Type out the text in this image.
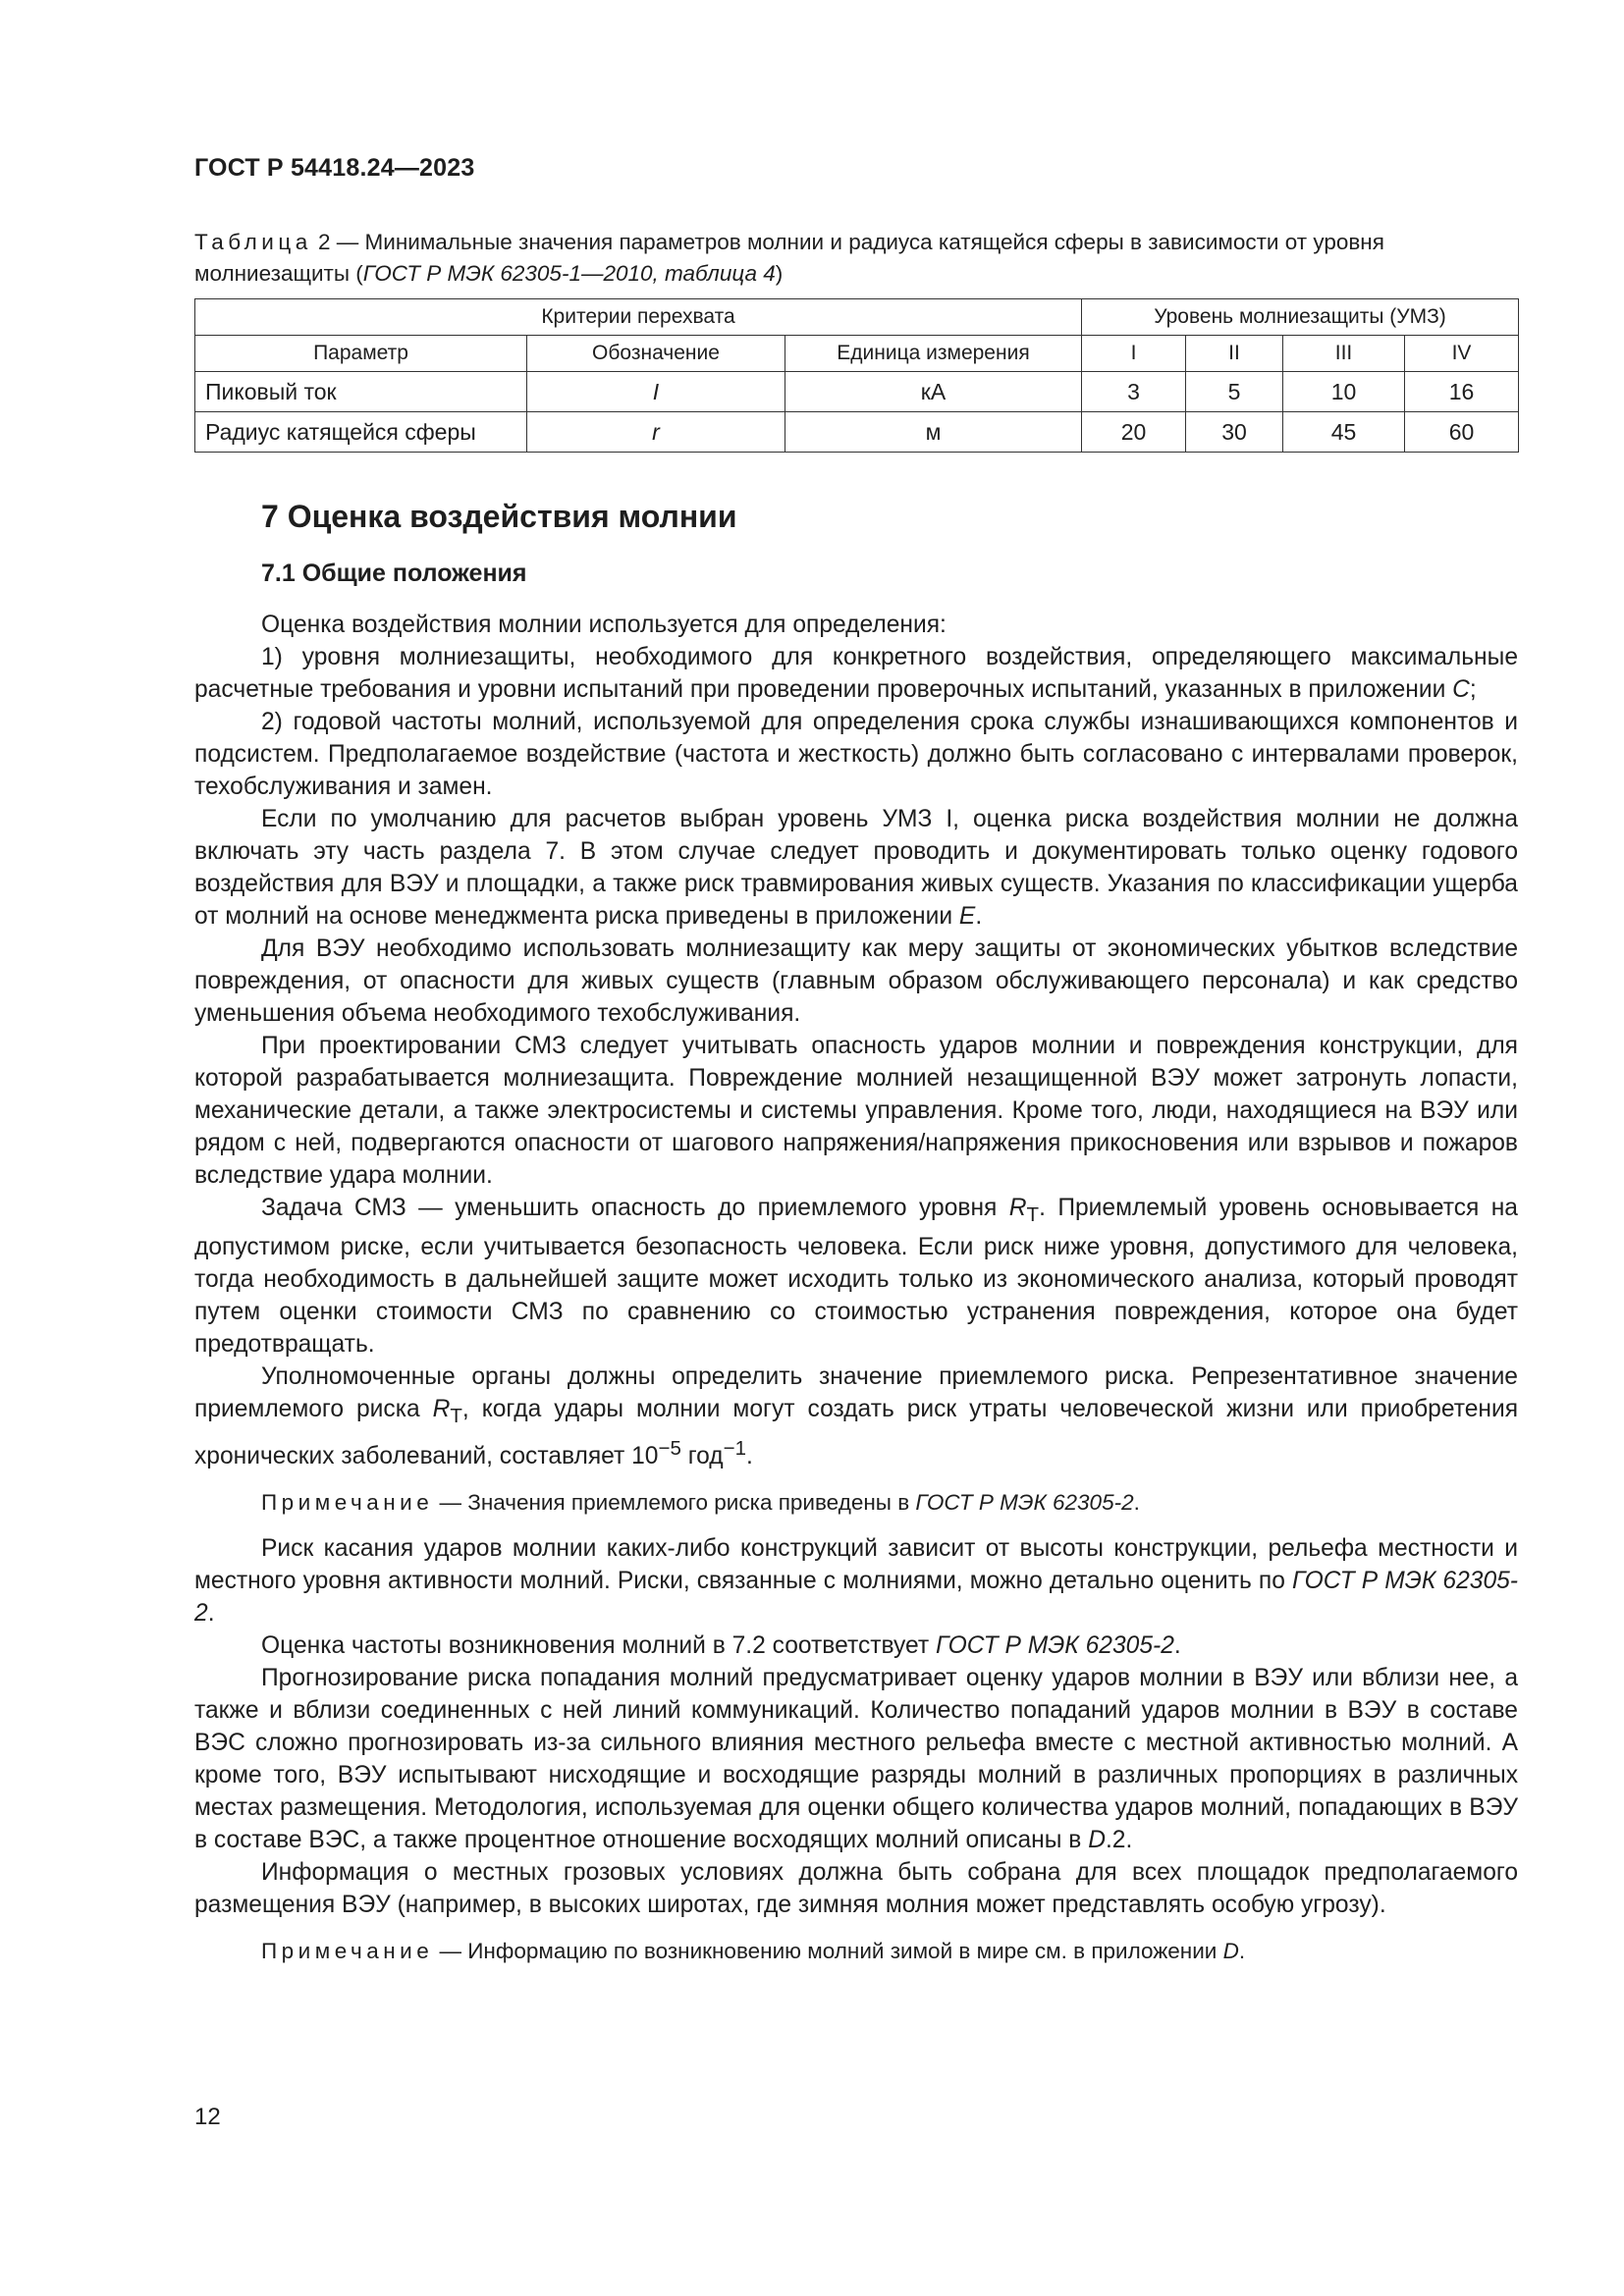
ГОСТ Р 54418.24—2023
Таблица 2 — Минимальные значения параметров молнии и радиуса катящейся сферы в зависимости от уровня молниезащиты (ГОСТ Р МЭК 62305-1—2010, таблица 4)
Критерии перехвата			Уровень молниезащиты (УМЗ)			
Параметр	Обозначение	Единица измерения	I	II	III	IV
Пиковый ток	I	кА	3	5	10	16
Радиус катящейся сферы	r	м	20	30	45	60
7 Оценка воздействия молнии
7.1 Общие положения

Оценка воздействия молнии используется для определения:

1) уровня молниезащиты, необходимого для конкретного воздействия, определяющего максимальные расчетные требования и уровни испытаний при проведении проверочных испытаний, указанных в приложении С;

2) годовой частоты молний, используемой для определения срока службы изнашивающихся компонентов и подсистем. Предполагаемое воздействие (частота и жесткость) должно быть согласовано с интервалами проверок, техобслуживания и замен.

Если по умолчанию для расчетов выбран уровень УМЗ I, оценка риска воздействия молнии не должна включать эту часть раздела 7. В этом случае следует проводить и документировать только оценку годового воздействия для ВЭУ и площадки, а также риск травмирования живых существ. Указания по классификации ущерба от молний на основе менеджмента риска приведены в приложении Е.

Для ВЭУ необходимо использовать молниезащиту как меру защиты от экономических убытков вследствие повреждения, от опасности для живых существ (главным образом обслуживающего персонала) и как средство уменьшения объема необходимого техобслуживания.

При проектировании СМЗ следует учитывать опасность ударов молнии и повреждения конструкции, для которой разрабатывается молниезащита. Повреждение молнией незащищенной ВЭУ может затронуть лопасти, механические детали, а также электросистемы и системы управления. Кроме того, люди, находящиеся на ВЭУ или рядом с ней, подвергаются опасности от шагового напряжения/напряжения прикосновения или взрывов и пожаров вследствие удара молнии.

Задача СМЗ — уменьшить опасность до приемлемого уровня $R_T$. Приемлемый уровень основывается на допустимом риске, если учитывается безопасность человека. Если риск ниже уровня, допустимого для человека, тогда необходимость в дальнейшей защите может исходить только из экономического анализа, который проводят путем оценки стоимости СМЗ по сравнению со стоимостью устранения повреждения, которое она будет предотвращать.

Уполномоченные органы должны определить значение приемлемого риска. Репрезентативное значение приемлемого риска $R_T$, когда удары молнии могут создать риск утраты человеческой жизни или приобретения хронических заболеваний, составляет $10^{-5}$ год$^{-1}$.

Примечание — Значения приемлемого риска приведены в ГОСТ Р МЭК 62305-2.

Риск касания ударов молнии каких-либо конструкций зависит от высоты конструкции, рельефа местности и местного уровня активности молний. Риски, связанные с молниями, можно детально оценить по ГОСТ Р МЭК 62305-2.

Оценка частоты возникновения молний в 7.2 соответствует ГОСТ Р МЭК 62305-2.

Прогнозирование риска попадания молний предусматривает оценку ударов молнии в ВЭУ или вблизи нее, а также и вблизи соединенных с ней линий коммуникаций. Количество попаданий ударов молнии в ВЭУ в составе ВЭС сложно прогнозировать из-за сильного влияния местного рельефа вместе с местной активностью молний. А кроме того, ВЭУ испытывают нисходящие и восходящие разряды молний в различных пропорциях в различных местах размещения. Методология, используемая для оценки общего количества ударов молний, попадающих в ВЭУ в составе ВЭС, а также процентное отношение восходящих молний описаны в D.2.

Информация о местных грозовых условиях должна быть собрана для всех площадок предполагаемого размещения ВЭУ (например, в высоких широтах, где зимняя молния может представлять особую угрозу).

Примечание — Информацию по возникновению молний зимой в мире см. в приложении D.

12
